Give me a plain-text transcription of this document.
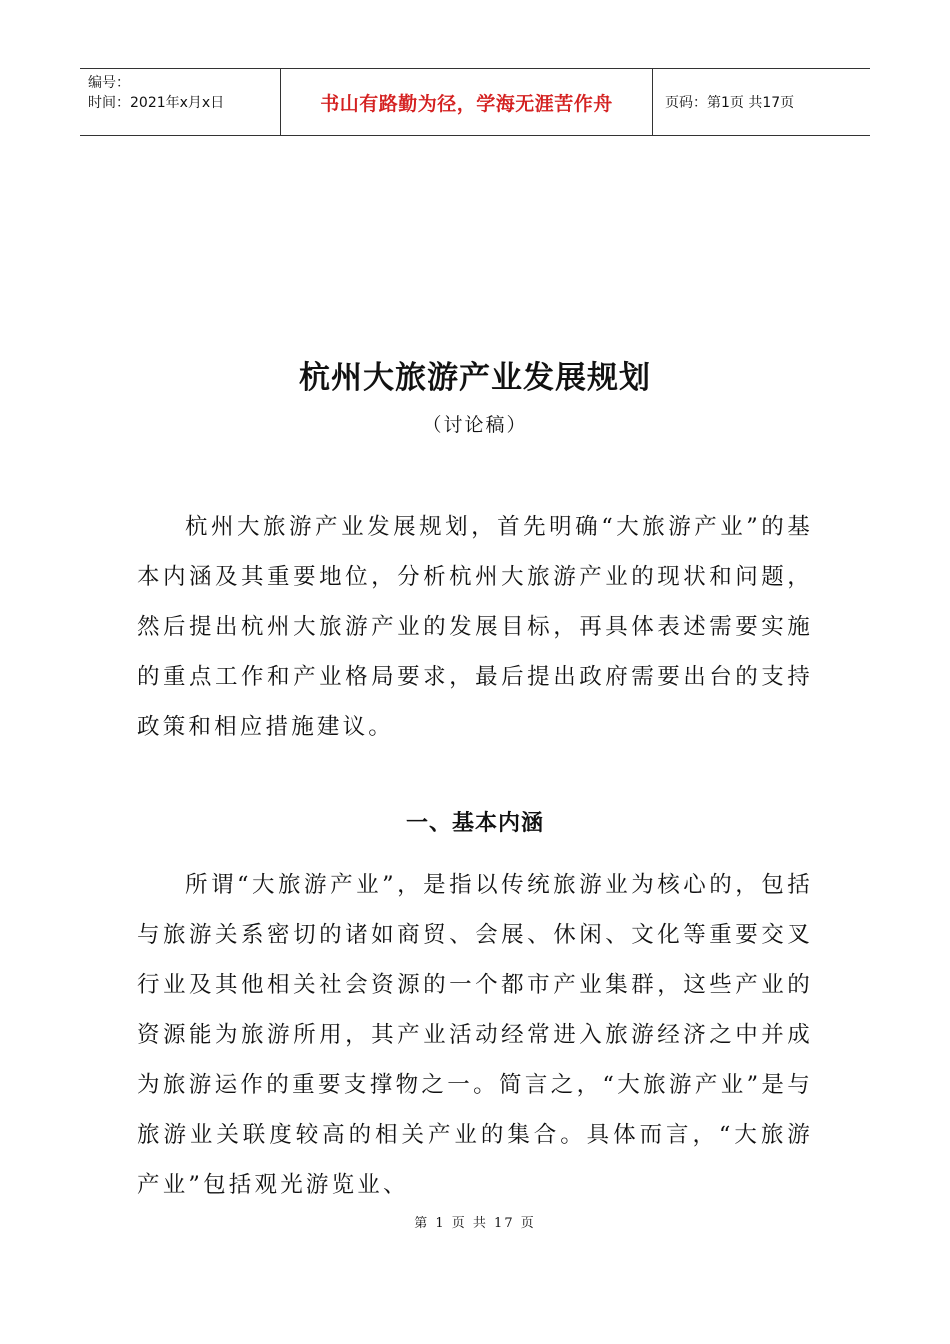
编号：
时间：2021年x月x日	书山有路勤为径，学海无涯苦作舟	页码：第1页 共17页
杭州大旅游产业发展规划
（讨论稿）

杭州大旅游产业发展规划，首先明确“大旅游产业”的基本内涵及其重要地位，分析杭州大旅游产业的现状和问题，然后提出杭州大旅游产业的发展目标，再具体表述需要实施的重点工作和产业格局要求，最后提出政府需要出台的支持政策和相应措施建议。

一、基本内涵

所谓“大旅游产业”，是指以传统旅游业为核心的，包括与旅游关系密切的诸如商贸、会展、休闲、文化等重要交叉行业及其他相关社会资源的一个都市产业集群，这些产业的资源能为旅游所用，其产业活动经常进入旅游经济之中并成为旅游运作的重要支撑物之一。简言之，“大旅游产业”是与旅游业关联度较高的相关产业的集合。具体而言，“大旅游产业”包括观光游览业、

第 1 页 共 17 页
